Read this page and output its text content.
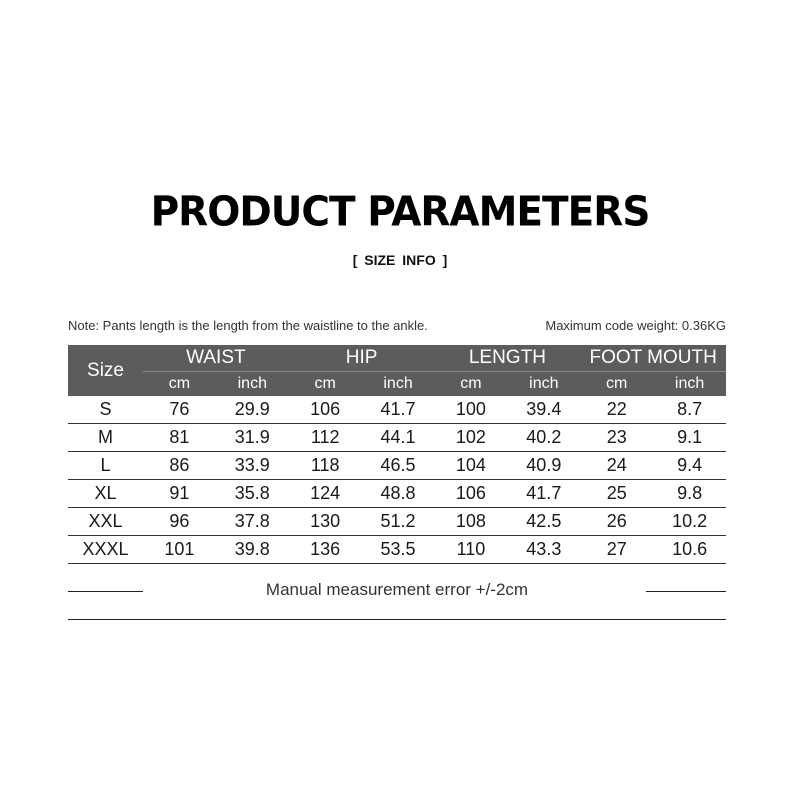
PRODUCT PARAMETERS
[ SIZE INFO ]
Note: Pants length is the length from the waistline to the ankle.	Maximum code weight: 0.36KG
Size	WAIST		HIP		LENGTH		FOOT MOUTH	
	cm	inch	cm	inch	cm	inch	cm	inch
S	76	29.9	106	41.7	100	39.4	22	8.7
M	81	31.9	112	44.1	102	40.2	23	9.1
L	86	33.9	118	46.5	104	40.9	24	9.4
XL	91	35.8	124	48.8	106	41.7	25	9.8
XXL	96	37.8	130	51.2	108	42.5	26	10.2
XXXL	101	39.8	136	53.5	110	43.3	27	10.6
Manual measurement error +/-2cm
